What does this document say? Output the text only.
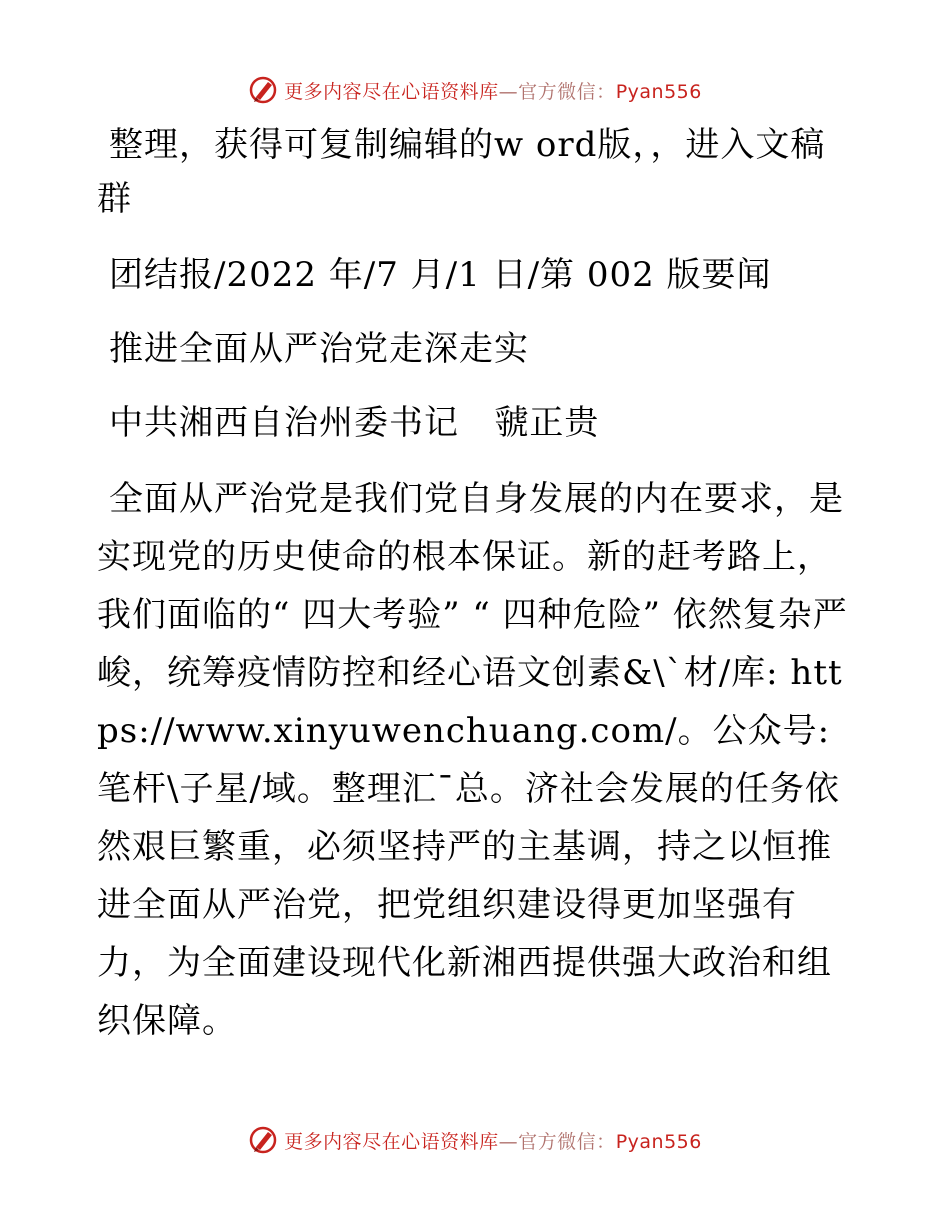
更多内容尽在心语资料库—官方微信：Pyan556

整理，获得可复制编辑的w ord版，，进入文稿群

团结报/2022 年/7 月/1 日/第 002 版要闻

推进全面从严治党走深走实

中共湘西自治州委书记   虢正贵

全面从严治党是我们党自身发展的内在要求，是实现党的历史使命的根本保证。新的赶考路上，我们面临的“ 四大考验” “ 四种危险” 依然复杂严峻，统筹疫情防控和经心语文创素&\`材/库: https://www.xinyuwenchuang.com/。公众号: 笔杆\子星/域。整理汇¯总。济社会发展的任务依然艰巨繁重，必须坚持严的主基调，持之以恒推进全面从严治党，把党组织建设得更加坚强有力，为全面建设现代化新湘西提供强大政治和组织保障。

更多内容尽在心语资料库—官方微信：Pyan556
